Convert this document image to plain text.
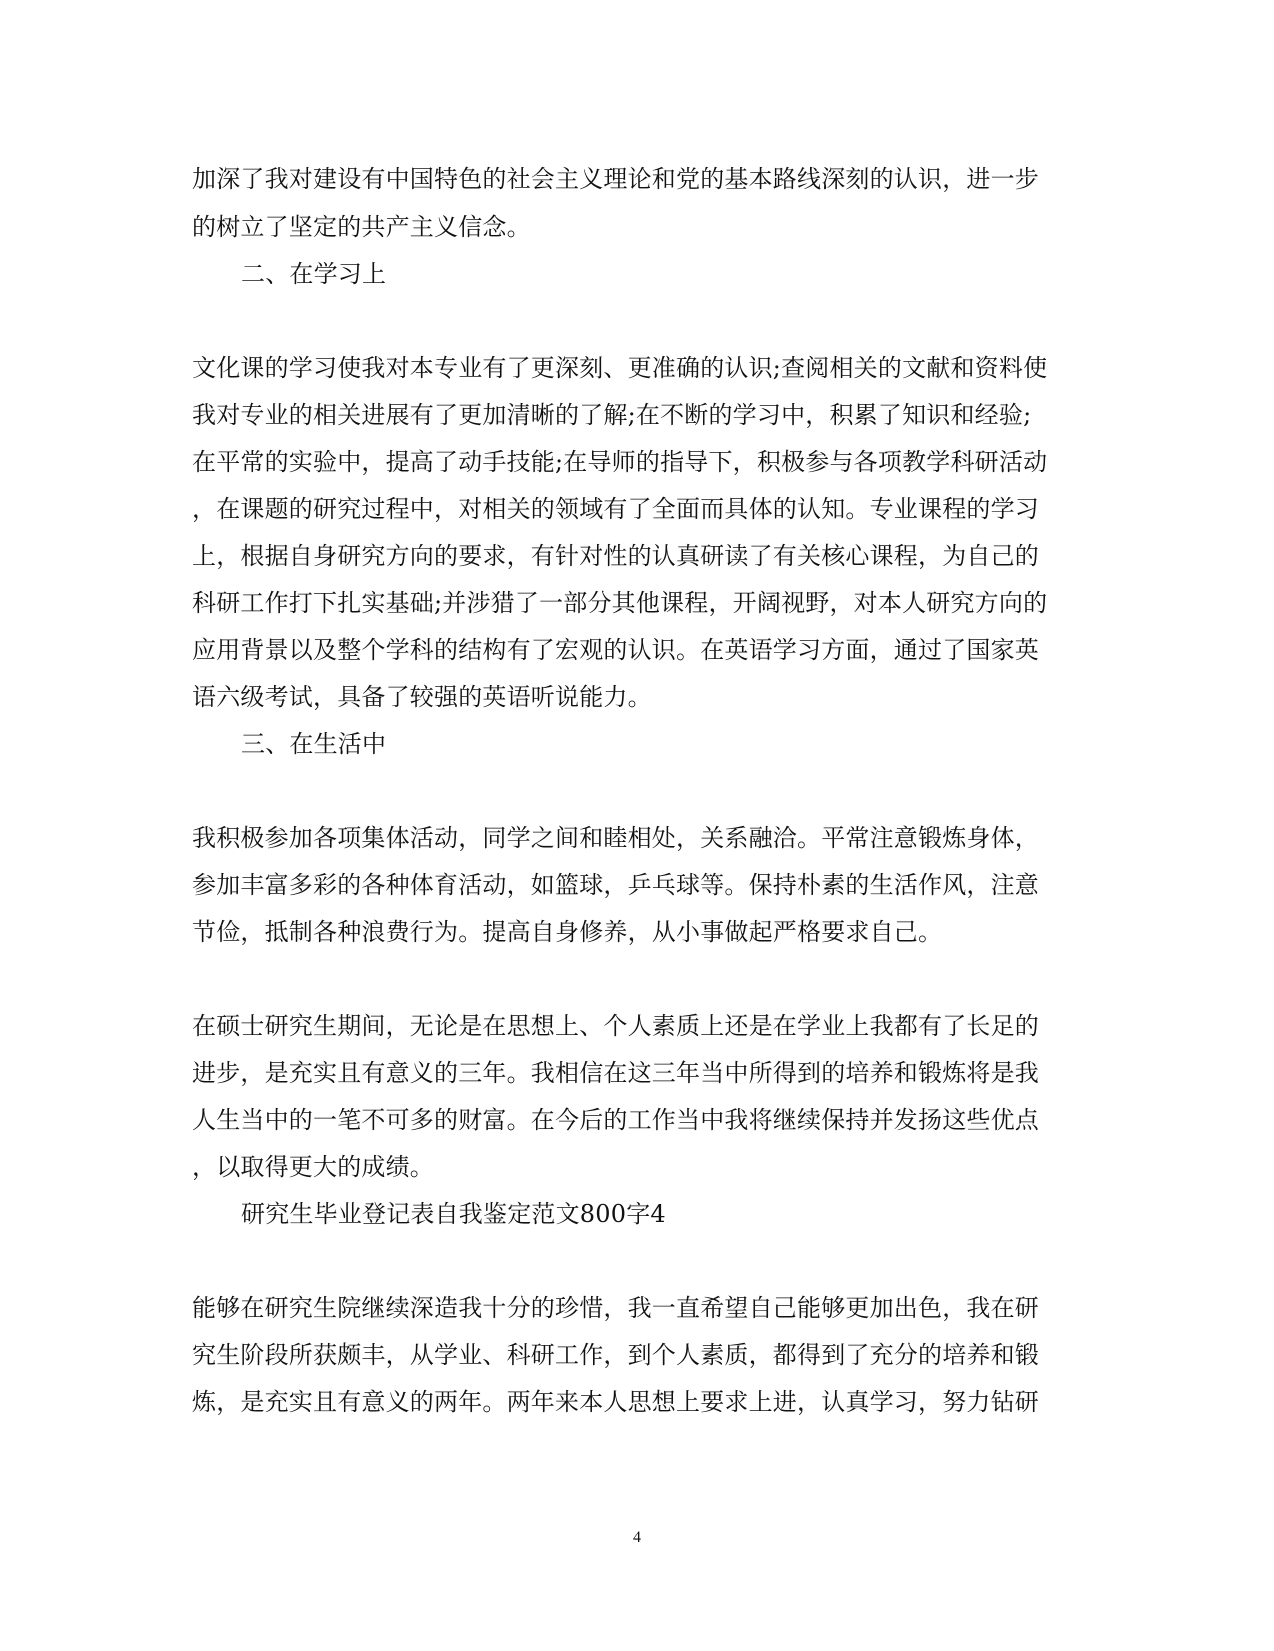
加深了我对建设有中国特色的社会主义理论和党的基本路线深刻的认识，进一步
的树立了坚定的共产主义信念。
二、在学习上
文化课的学习使我对本专业有了更深刻、更准确的认识;查阅相关的文献和资料使
我对专业的相关进展有了更加清晰的了解;在不断的学习中，积累了知识和经验;
在平常的实验中，提高了动手技能;在导师的指导下，积极参与各项教学科研活动
，在课题的研究过程中，对相关的领域有了全面而具体的认知。专业课程的学习
上，根据自身研究方向的要求，有针对性的认真研读了有关核心课程，为自己的
科研工作打下扎实基础;并涉猎了一部分其他课程，开阔视野，对本人研究方向的
应用背景以及整个学科的结构有了宏观的认识。在英语学习方面，通过了国家英
语六级考试，具备了较强的英语听说能力。
三、在生活中
我积极参加各项集体活动，同学之间和睦相处，关系融洽。平常注意锻炼身体，
参加丰富多彩的各种体育活动，如篮球，乒乓球等。保持朴素的生活作风，注意
节俭，抵制各种浪费行为。提高自身修养，从小事做起严格要求自己。
在硕士研究生期间，无论是在思想上、个人素质上还是在学业上我都有了长足的
进步，是充实且有意义的三年。我相信在这三年当中所得到的培养和锻炼将是我
人生当中的一笔不可多的财富。在今后的工作当中我将继续保持并发扬这些优点
，以取得更大的成绩。
研究生毕业登记表自我鉴定范文800字4
能够在研究生院继续深造我十分的珍惜，我一直希望自己能够更加出色，我在研
究生阶段所获颇丰，从学业、科研工作，到个人素质，都得到了充分的培养和锻
炼，是充实且有意义的两年。两年来本人思想上要求上进，认真学习，努力钻研
4
